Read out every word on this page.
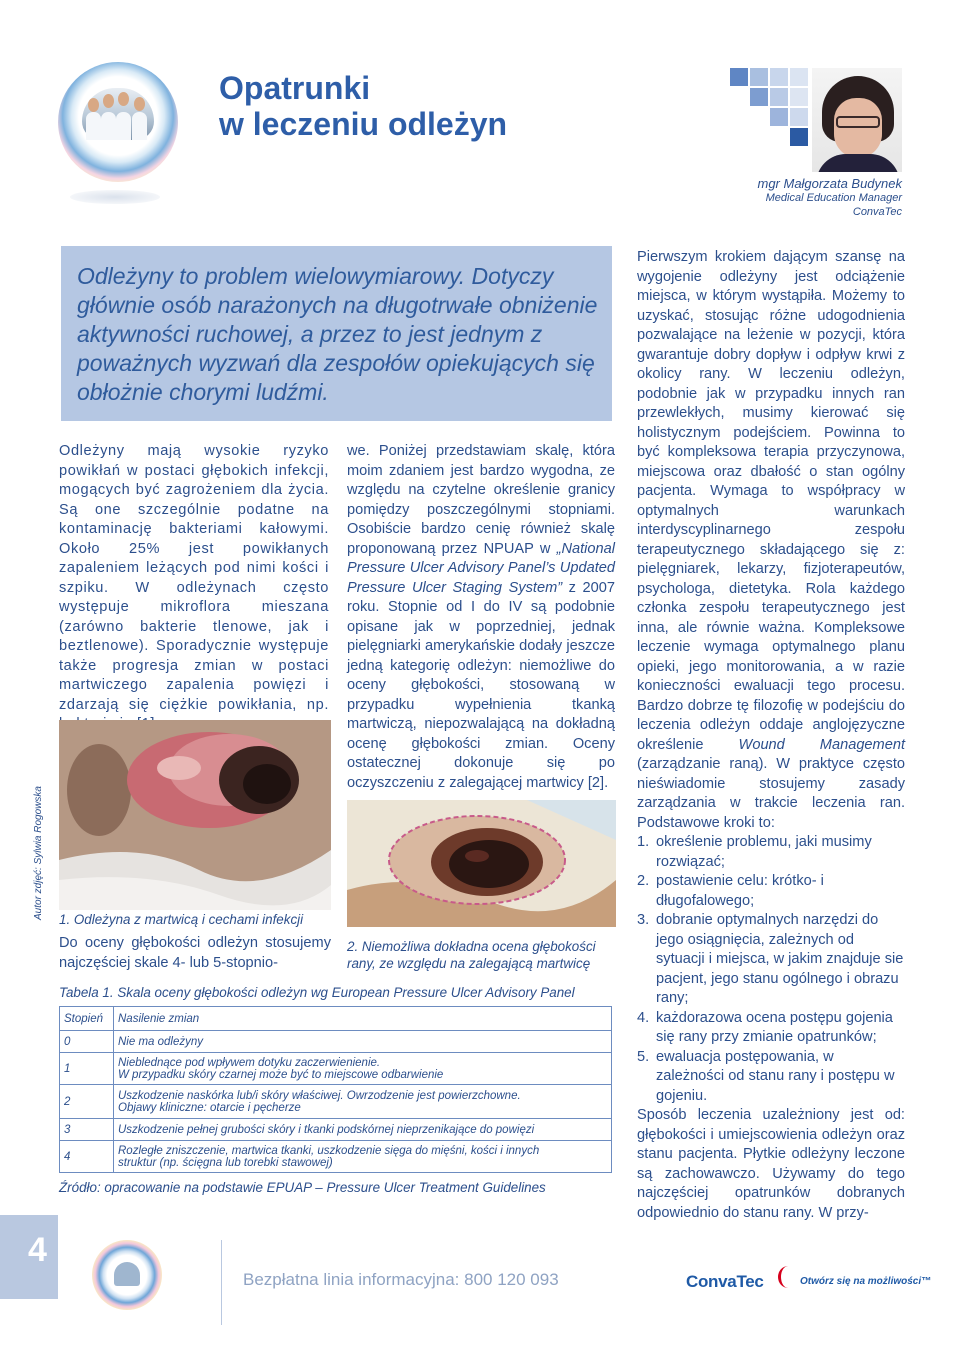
Opatrunki
w leczeniu odleżyn
mgr Małgorzata Budynek
Medical Education Manager
ConvaTec

Odleżyny to problem wielowymiarowy. Dotyczy głównie osób narażonych na długotrwałe obniżenie aktywności ruchowej, a przez to jest jednym z poważnych wyzwań dla zespołów opiekujących się obłożnie chorymi ludźmi.

Odleżyny mają wysokie ryzyko powikłań w postaci głębokich infekcji, mogących być zagrożeniem dla życia. Są one szczególnie podatne na kontaminację bakteriami kałowymi. Około 25% jest powikłanych zapaleniem leżących pod nimi kości i szpiku. W odleżynach często występuje mikroflora mieszana (zarówno bakterie tlenowe, jak i beztlenowe). Sporadycznie występuje także progresja zmian w postaci martwiczego zapalenia powięzi i zdarzają się ciężkie powikłania, np.

Autor zdjęć: Sylwia Rogowska 1. Odleżyna z martwicą i cechami infekcji

Do oceny głębokości odleżyn stosujemy najczęściej skale 4- lub 5-stopnio-

we. Poniżej przedstawiam skalę, która moim zdaniem jest bardzo wygodna, ze względu na czytelne określenie granicy pomiędzy poszczególnymi stopniami. Osobiście bardzo cenię również skalę proponowaną przez NPUAP w „National Pressure Ulcer Advisory Panel’s Updated Pressure Ulcer Staging System” z 2007 roku. Stopnie od I do IV są podobnie opisane jak w poprzedniej, jednak pielęgniarki amerykańskie dodały jeszcze jedną kategorię odleżyn: niemożliwe do oceny głębokości, stosowaną w przypadku wypełnienia tkanką martwiczą, niepozwalającą na dokładną ocenę głębokości zmian. Oceny ostatecznej dokonuje się po oczyszczeniu z zalegającej martwicy [2].

2. Niemożliwa dokładna ocena głębokości rany, ze względu na zalegającą martwicę

Pierwszym krokiem dającym szansę na wygojenie odleżyny jest odciążenie miejsca, w którym wystąpiła. Możemy to uzyskać, stosując różne udogodnienia pozwalające na leżenie w pozycji, która gwarantuje dobry dopływ i odpływ krwi z okolicy rany. W leczeniu odleżyn, podobnie jak w przypadku innych ran przewlekłych, musimy kierować się holistycznym podejściem. Powinna to być kompleksowa terapia przyczynowa, miejscowa oraz dbałość o stan ogólny pacjenta. Wymaga to współpracy w optymalnych warunkach interdyscyplinarnego zespołu terapeutycznego składającego się z: pielęgniarek, lekarzy, fizjoterapeutów, psychologa, dietetyka. Rola każdego członka zespołu terapeutycznego jest inna, ale równie ważna. Kompleksowe leczenie wymaga optymalnego planu opieki, jego monitorowania, a w razie konieczności ewaluacji tego procesu. Bardzo dobrze tę filozofię w podejściu do leczenia odleżyn oddaje anglojęzyczne określenie Wound Management (zarządzanie raną). W praktyce często nieświadomie stosujemy zasady zarządzania w trakcie leczenia ran. Podstawowe kroki to:

1. określenie problemu, jaki musimy rozwiązać;
2. postawienie celu: krótko- i długofalowego;
3. dobranie optymalnych narzędzi do jego osiągnięcia, zależnych od sytuacji i miejsca, w jakim znajduje sie pacjent, jego stanu ogólnego i obrazu rany;
4. każdorazowa ocena postępu gojenia się rany przy zmianie opatrunków;
5. ewaluacja postępowania, w zależności od stanu rany i postępu w gojeniu.

Sposób leczenia uzależniony jest od: głębokości i umiejscowienia odleżyn oraz stanu pacjenta. Płytkie odleżyny leczone są zachowawczo. Używamy do tego najczęściej opatrunków dobranych odpowiednio do stanu rany. W przy-

Tabela 1. Skala oceny głębokości odleżyn wg European Pressure Ulcer Advisory Panel

Stopień	Nasilenie zmian
0	Nie ma odleżyny

1	Nieblednące pod wpływem dotyku zaczerwienienie.
W przypadku skóry czarnej może być to miejscowe odbarwienie

2	Uszkodzenie naskórka lub/i skóry właściwej. Owrzodzenie jest powierzchowne.
Objawy kliniczne: otarcie i pęcherze

3	Uszkodzenie pełnej grubości skóry i tkanki podskórnej nieprzenikające do powięzi

4	Rozległe zniszczenie, martwica tkanki, uszkodzenie sięga do mięśni, kości i innych
struktur (np. ścięgna lub torebki stawowej)

Źródło: opracowanie na podstawie EPUAP – Pressure Ulcer Treatment Guidelines

4

Bezpłatna linia informacyjna: 800 120 093	ConvaTec	Otwórz się na możliwości™
